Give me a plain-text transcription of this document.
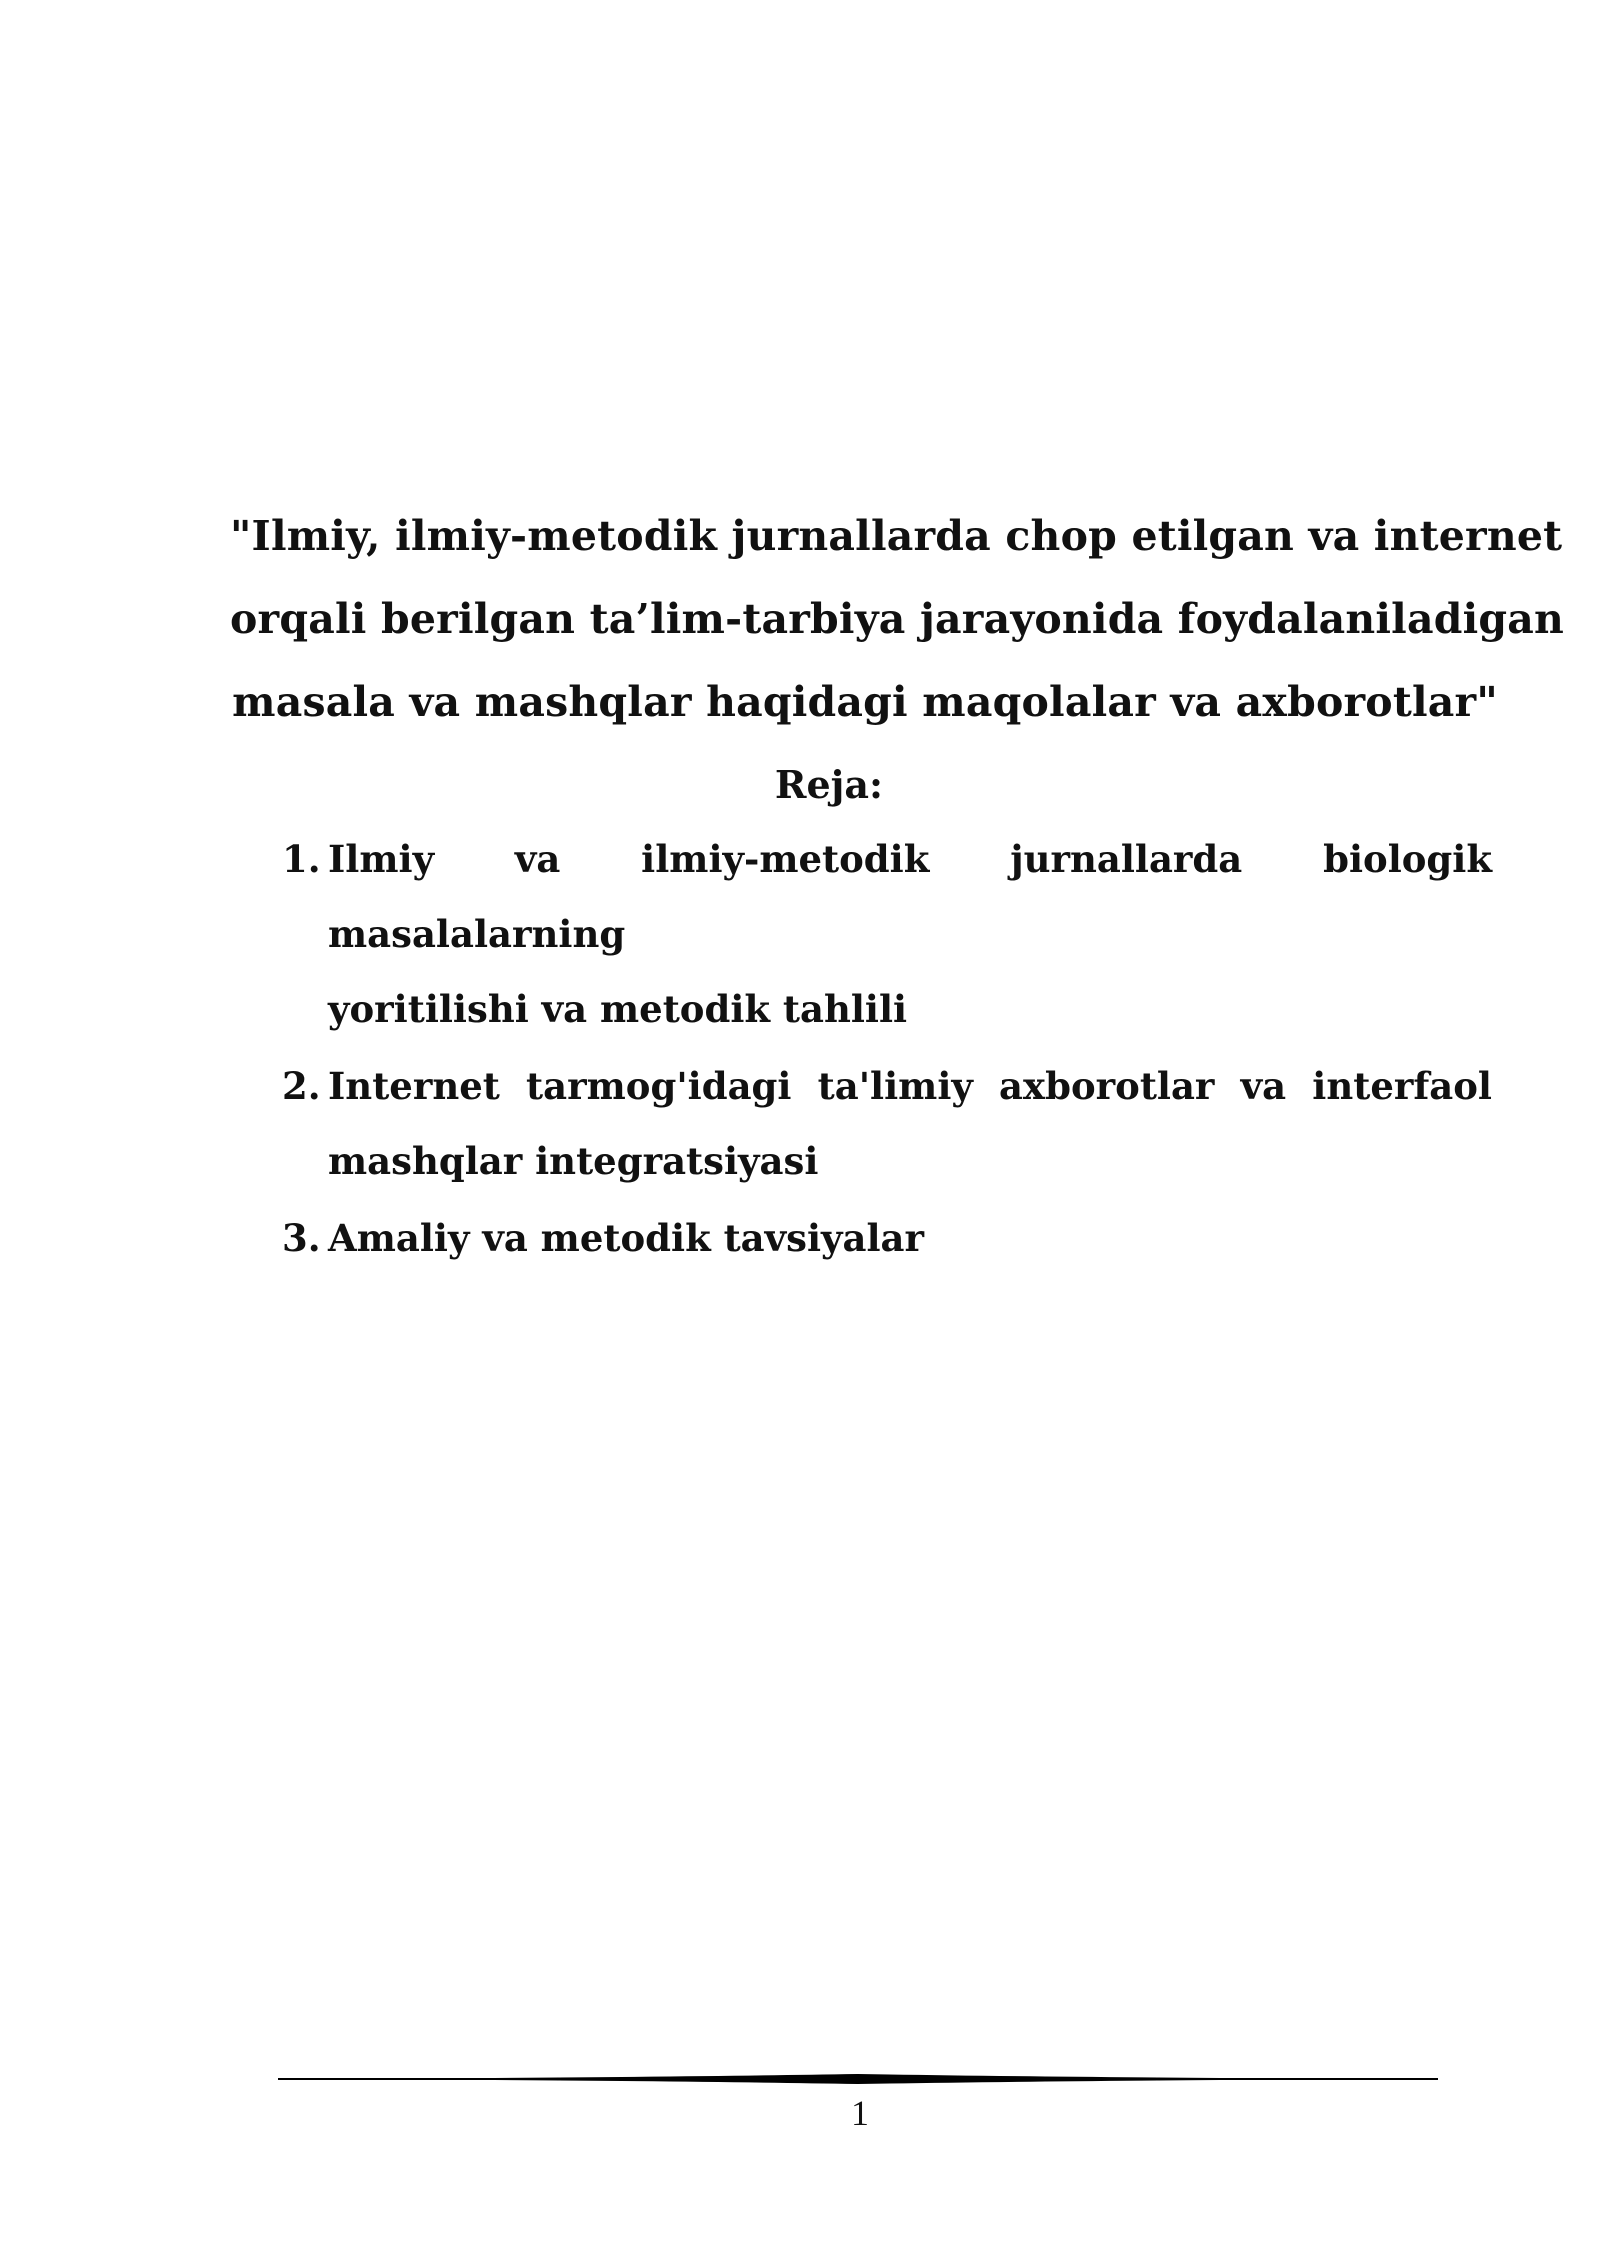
"Ilmiy, ilmiy-metodik jurnallarda chop etilgan va internet
orqali berilgan ta’lim-tarbiya jarayonida foydalaniladigan
masala va mashqlar haqidagi maqolalar va axborotlar"
Reja:
1. Ilmiy va ilmiy-metodik jurnallarda biologik masalalarning
yoritilishi va metodik tahlili
2. Internet tarmog'idagi ta'limiy axborotlar va interfaol
mashqlar integratsiyasi
3. Amaliy va metodik tavsiyalar
1
